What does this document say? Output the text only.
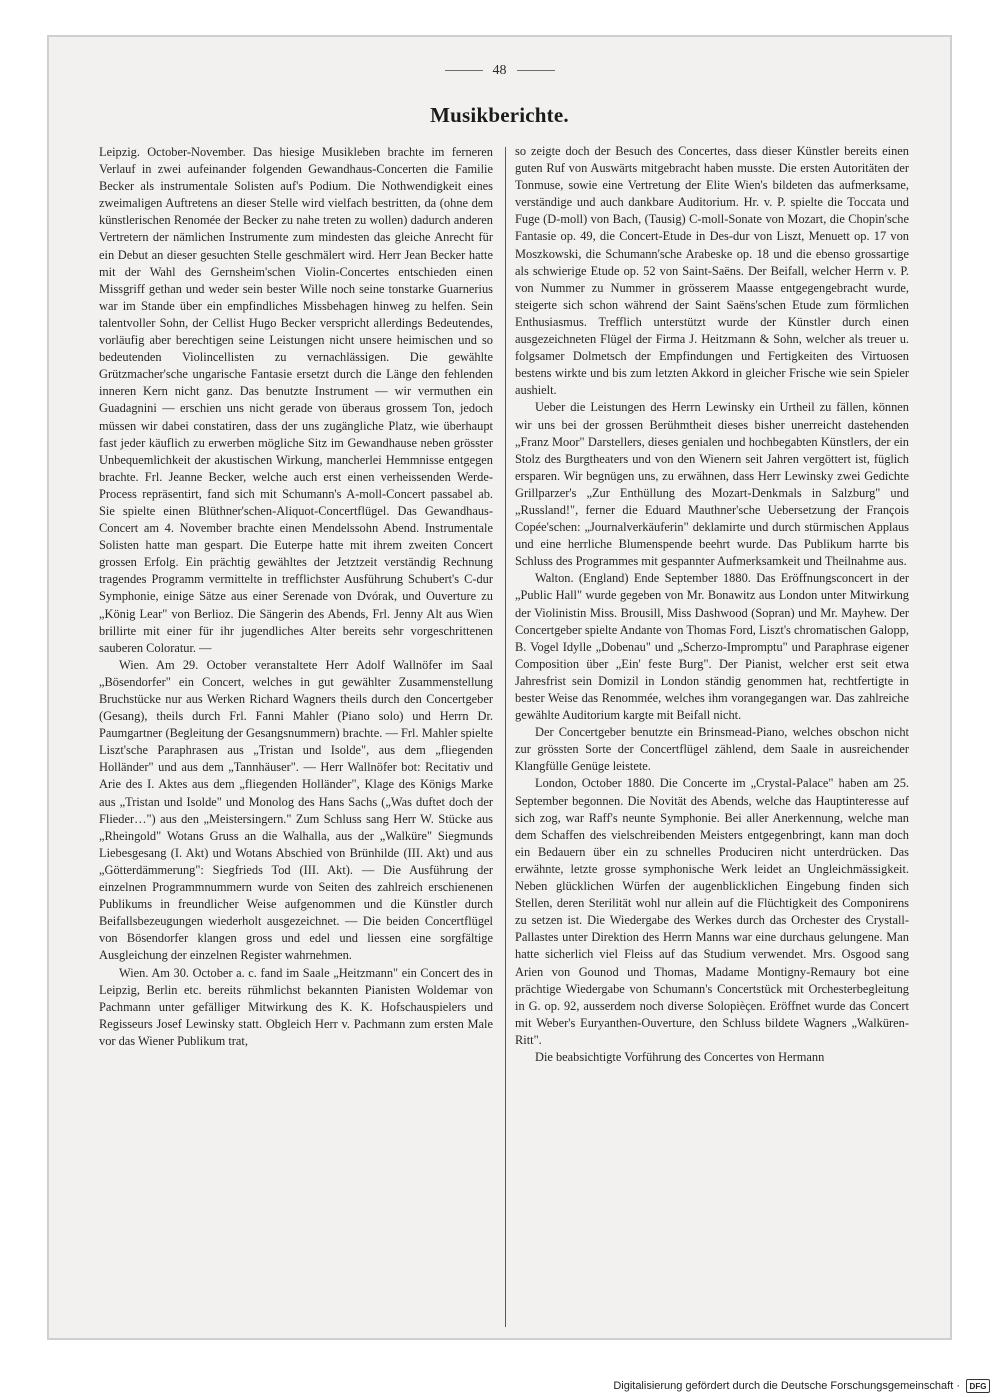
48
Musikberichte.

Leipzig. October-November. Das hiesige Musikleben brachte im ferneren Verlauf in zwei aufeinander folgenden Gewandhaus-Concerten die Familie Becker als instrumentale Solisten auf's Podium. Die Nothwendigkeit eines zweimaligen Auftretens an dieser Stelle wird vielfach bestritten, da (ohne dem künstlerischen Renomée der Becker zu nahe treten zu wollen) dadurch anderen Vertretern der nämlichen Instrumente zum mindesten das gleiche Anrecht für ein Debut an dieser gesuchten Stelle geschmälert wird. Herr Jean Becker hatte mit der Wahl des Gernsheim'schen Violin-Concertes entschieden einen Missgriff gethan und weder sein bester Wille noch seine tonstarke Guarnerius war im Stande über ein empfindliches Missbehagen hinweg zu helfen. Sein talentvoller Sohn, der Cellist Hugo Becker verspricht allerdings Bedeutendes, vorläufig aber berechtigen seine Leistungen nicht unsere heimischen und so bedeutenden Violincellisten zu vernachlässigen. Die gewählte Grützmacher'sche ungarische Fantasie ersetzt durch die Länge den fehlenden inneren Kern nicht ganz. Das benutzte Instrument — wir vermuthen ein Guadagnini — erschien uns nicht gerade von überaus grossem Ton, jedoch müssen wir dabei constatiren, dass der uns zugängliche Platz, wie überhaupt fast jeder käuflich zu erwerben mögliche Sitz im Gewandhause neben grösster Unbequemlichkeit der akustischen Wirkung, mancherlei Hemmnisse entgegen brachte. Frl. Jeanne Becker, welche auch erst einen verheissenden Werde-Process repräsentirt, fand sich mit Schumann's A-moll-Concert passabel ab. Sie spielte einen Blüthner'schen-Aliquot-Concertflügel. Das Gewandhaus-Concert am 4. November brachte einen Mendelssohn Abend. Instrumentale Solisten hatte man gespart. Die Euterpe hatte mit ihrem zweiten Concert grossen Erfolg. Ein prächtig gewähltes der Jetztzeit verständig Rechnung tragendes Programm vermittelte in trefflichster Ausführung Schubert's C-dur Symphonie, einige Sätze aus einer Serenade von Dvórak, und Ouverture zu „König Lear" von Berlioz. Die Sängerin des Abends, Frl. Jenny Alt aus Wien brillirte mit einer für ihr jugendliches Alter bereits sehr vorgeschrittenen sauberen Coloratur. —

Wien. Am 29. October veranstaltete Herr Adolf Wallnöfer im Saal „Bösendorfer" ein Concert, welches in gut gewählter Zusammenstellung Bruchstücke nur aus Werken Richard Wagners theils durch den Concertgeber (Gesang), theils durch Frl. Fanni Mahler (Piano solo) und Herrn Dr. Paumgartner (Begleitung der Gesangsnummern) brachte. — Frl. Mahler spielte Liszt'sche Paraphrasen aus „Tristan und Isolde", aus dem „fliegenden Holländer" und aus dem „Tannhäuser". — Herr Wallnöfer bot: Recitativ und Arie des I. Aktes aus dem „fliegenden Holländer", Klage des Königs Marke aus „Tristan und Isolde" und Monolog des Hans Sachs („Was duftet doch der Flieder…") aus den „Meistersingern." Zum Schluss sang Herr W. Stücke aus „Rheingold" Wotans Gruss an die Walhalla, aus der „Walküre" Siegmunds Liebesgesang (I. Akt) und Wotans Abschied von Brünhilde (III. Akt) und aus „Götterdämmerung": Siegfrieds Tod (III. Akt). — Die Ausführung der einzelnen Programmnummern wurde von Seiten des zahlreich erschienenen Publikums in freundlicher Weise aufgenommen und die Künstler durch Beifallsbezeugungen wiederholt ausgezeichnet. — Die beiden Concertflügel von Bösendorfer klangen gross und edel und liessen eine sorgfältige Ausgleichung der einzelnen Register wahrnehmen.

Wien. Am 30. October a. c. fand im Saale „Heitzmann" ein Concert des in Leipzig, Berlin etc. bereits rühmlichst bekannten Pianisten Woldemar von Pachmann unter gefälliger Mitwirkung des K. K. Hofschauspielers und Regisseurs Josef Lewinsky statt. Obgleich Herr v. Pachmann zum ersten Male vor das Wiener Publikum trat,

so zeigte doch der Besuch des Concertes, dass dieser Künstler bereits einen guten Ruf von Auswärts mitgebracht haben musste. Die ersten Autoritäten der Tonmuse, sowie eine Vertretung der Elite Wien's bildeten das aufmerksame, verständige und auch dankbare Auditorium. Hr. v. P. spielte die Toccata und Fuge (D-moll) von Bach, (Tausig) C-moll-Sonate von Mozart, die Chopin'sche Fantasie op. 49, die Concert-Etude in Des-dur von Liszt, Menuett op. 17 von Moszkowski, die Schumann'sche Arabeske op. 18 und die ebenso grossartige als schwierige Etude op. 52 von Saint-Saëns. Der Beifall, welcher Herrn v. P. von Nummer zu Nummer in grösserem Maasse entgegengebracht wurde, steigerte sich schon während der Saint Saëns'schen Etude zum förmlichen Enthusiasmus. Trefflich unterstützt wurde der Künstler durch einen ausgezeichneten Flügel der Firma J. Heitzmann & Sohn, welcher als treuer u. folgsamer Dolmetsch der Empfindungen und Fertigkeiten des Virtuosen bestens wirkte und bis zum letzten Akkord in gleicher Frische wie sein Spieler aushielt.

Ueber die Leistungen des Herrn Lewinsky ein Urtheil zu fällen, können wir uns bei der grossen Berühmtheit dieses bisher unerreicht dastehenden „Franz Moor" Darstellers, dieses genialen und hochbegabten Künstlers, der ein Stolz des Burgtheaters und von den Wienern seit Jahren vergöttert ist, füglich ersparen. Wir begnügen uns, zu erwähnen, dass Herr Lewinsky zwei Gedichte Grillparzer's „Zur Enthüllung des Mozart-Denkmals in Salzburg" und „Russland!", ferner die Eduard Mauthner'sche Uebersetzung der François Copée'schen: „Journalverkäuferin" deklamirte und durch stürmischen Applaus und eine herrliche Blumenspende beehrt wurde. Das Publikum harrte bis Schluss des Programmes mit gespannter Aufmerksamkeit und Theilnahme aus.

Walton. (England) Ende September 1880. Das Eröffnungsconcert in der „Public Hall" wurde gegeben von Mr. Bonawitz aus London unter Mitwirkung der Violinistin Miss. Brousill, Miss Dashwood (Sopran) und Mr. Mayhew. Der Concertgeber spielte Andante von Thomas Ford, Liszt's chromatischen Galopp, B. Vogel Idylle „Dobenau" und „Scherzo-Impromptu" und Paraphrase eigener Composition über „Ein' feste Burg". Der Pianist, welcher erst seit etwa Jahresfrist sein Domizil in London ständig genommen hat, rechtfertigte in bester Weise das Renommée, welches ihm vorangegangen war. Das zahlreiche gewählte Auditorium kargte mit Beifall nicht.

Der Concertgeber benutzte ein Brinsmead-Piano, welches obschon nicht zur grössten Sorte der Concertflügel zählend, dem Saale in ausreichender Klangfülle Genüge leistete.

London, October 1880. Die Concerte im „Crystal-Palace" haben am 25. September begonnen. Die Novität des Abends, welche das Hauptinteresse auf sich zog, war Raff's neunte Symphonie. Bei aller Anerkennung, welche man dem Schaffen des vielschreibenden Meisters entgegenbringt, kann man doch ein Bedauern über ein zu schnelles Produciren nicht unterdrücken. Das erwähnte, letzte grosse symphonische Werk leidet an Ungleichmässigkeit. Neben glücklichen Würfen der augenblicklichen Eingebung finden sich Stellen, deren Sterilität wohl nur allein auf die Flüchtigkeit des Componirens zu setzen ist. Die Wiedergabe des Werkes durch das Orchester des Crystall-Pallastes unter Direktion des Herrn Manns war eine durchaus gelungene. Man hatte sicherlich viel Fleiss auf das Studium verwendet. Mrs. Osgood sang Arien von Gounod und Thomas, Madame Montigny-Remaury bot eine prächtige Wiedergabe von Schumann's Concertstück mit Orchesterbegleitung in G. op. 92, ausserdem noch diverse Solopièçen. Eröffnet wurde das Concert mit Weber's Euryanthen-Ouverture, den Schluss bildete Wagners „Walküren-Ritt".

Die beabsichtigte Vorführung des Concertes von Hermann

Digitalisierung gefördert durch die Deutsche Forschungsgemeinschaft ·	DFG
